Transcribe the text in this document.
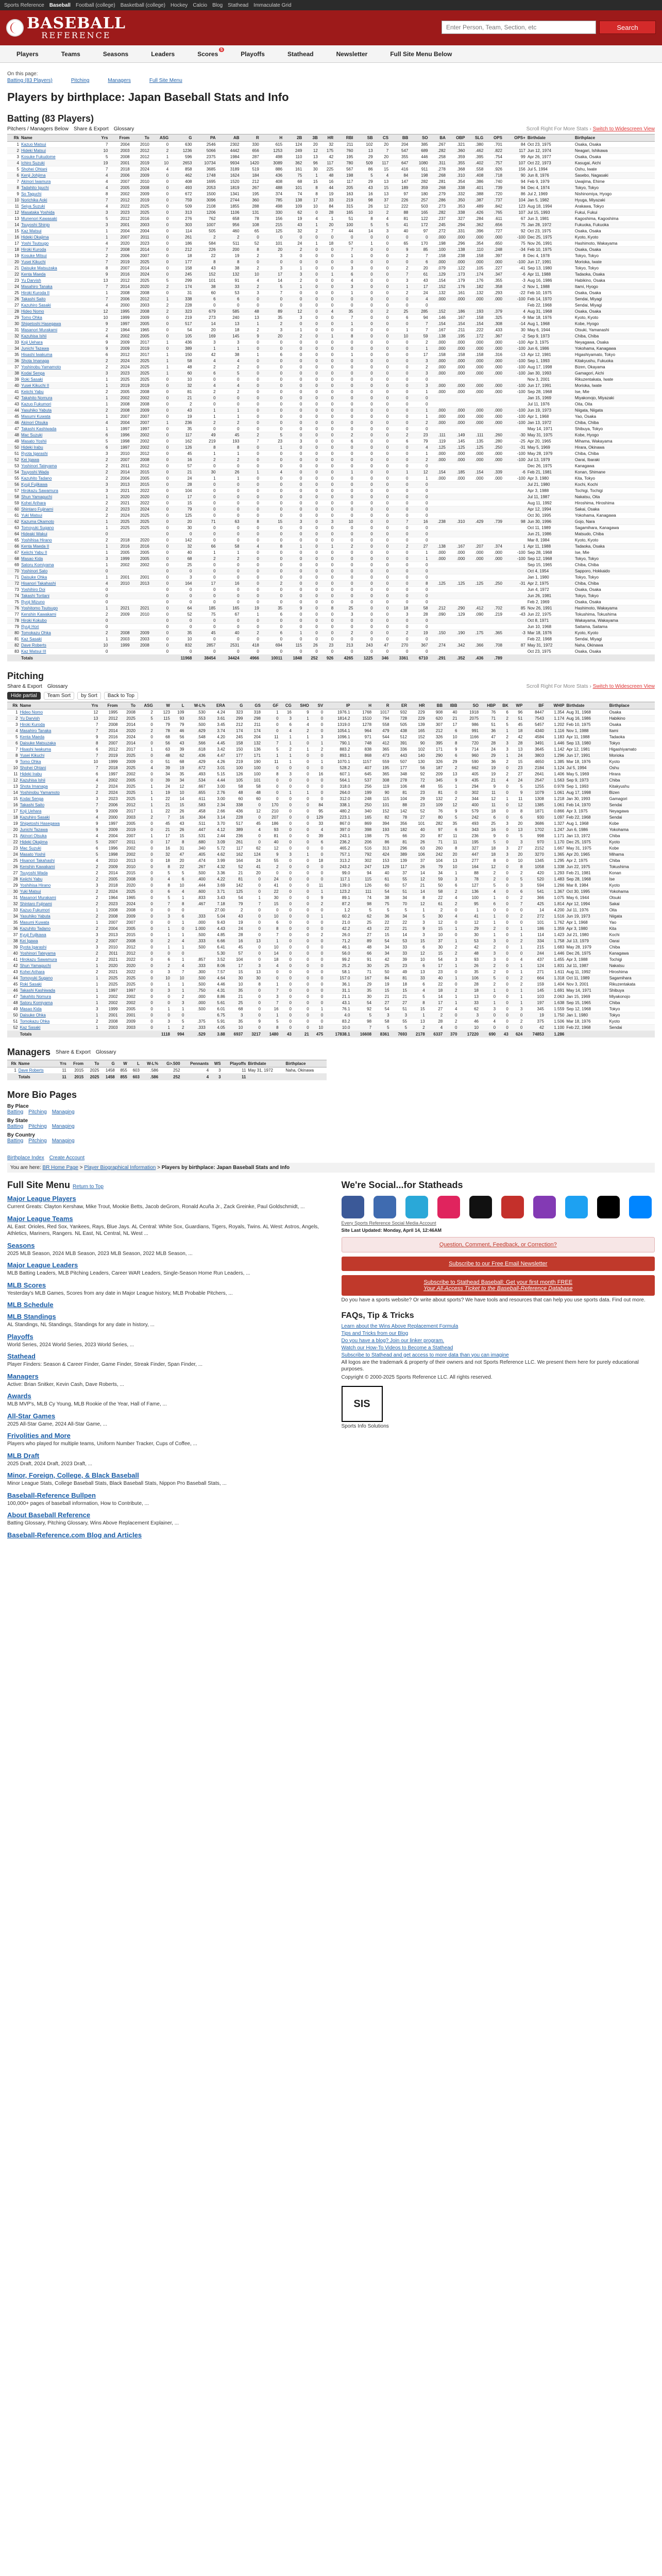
Sports Reference Baseball Football (college) Basketball (college) Hockey Calcio Blog Stathead Immaculate Grid
BASEBALL
REFERENCE
Enter Person, Team, Section, etc
Search
Players	Teams	Seasons	Leaders	Scores
5
Playoffs	Stathead	Newsletter	Full Site Menu Below
On this page:
Batting (83 Players)	Pitching	Managers	Full Site Menu
Players by birthplace: Japan Baseball Stats and Info
Batting (83 Players)
Pitchers / Managers Below Share & Export Glossary	Scroll Right For More Stats › Switch to Widescreen View
Rk	Name	Yrs	From	To	ASG	G	PA	AB	R	H	2B	3B	HR	RBI	SB	CS	BB	SO	BA	OBP	SLG	OPS	OPS+	Birthdate	Birthplace
1	Kazuo Matsui	7	2004	2010	0	630	2546	2302	330	615	124	20	32	211	102	20	204	385	.267	.321	.380	.701	84	Oct 23, 1975	Osaka, Osaka
2	Hideki Matsui	10	2003	2012	2	1236	5066	4442	656	1253	249	12	175	760	13	7	547	689	.282	.360	.462	.822	117	Jun 12, 1974	Neagari, Ishikawa
3	Kosuke Fukudome	5	2008	2012	1	596	2375	1984	287	498	110	13	42	195	29	20	355	446	.258	.359	.395	.754	99	Apr 26, 1977	Osaka, Osaka
4	Ichiro Suzuki	19	2001	2019	10	2653	10734	9934	1420	3089	362	96	117	780	509	117	647	1080	.311	.355	.402	.757	107	Oct 22, 1973	Kasugai, Aichi
5	Shohei Ohtani	7	2018	2024	4	858	3685	3189	519	886	161	30	225	567	86	15	416	911	.278	.368	.558	.926	156	Jul 5, 1994	Oshu, Iwate
6	Kenji Johjima	4	2006	2009	0	462	1748	1624	184	436	75	1	48	198	5	4	84	198	.268	.310	.408	.718	90	Jun 8, 1976	Sasebo, Nagasaki
7	Akinori Iwamura	4	2007	2010	0	408	1695	1520	212	408	68	15	16	117	29	13	147	282	.281	.354	.386	.740	94	Feb 9, 1979	Uwajima, Ehime
8	Tadahito Iguchi	4	2005	2008	0	493	2053	1819	267	488	101	8	44	205	43	15	189	359	.268	.338	.401	.739	94	Dec 4, 1974	Tokyo, Tokyo
9	So Taguchi	8	2002	2009	0	672	1500	1341	195	374	74	8	19	163	16	13	97	180	.279	.332	.388	.720	86	Jul 2, 1969	Nishinomiya, Hyogo
10	Norichika Aoki	7	2012	2019	0	759	3096	2744	360	785	138	17	33	219	98	37	226	257	.286	.350	.387	.737	104	Jan 5, 1982	Hyuga, Miyazaki
11	Seiya Suzuki	4	2022	2025	0	509	2108	1855	288	498	109	10	84	315	26	12	222	503	.273	.353	.489	.842	123	Aug 18, 1994	Arakawa, Tokyo
12	Masataka Yoshida	3	2023	2025	0	313	1206	1106	131	330	62	0	28	165	10	2	88	165	.282	.338	.426	.765	107	Jul 15, 1993	Fukui, Fukui
13	Munenori Kawasaki	5	2012	2016	0	276	762	658	78	156	19	4	1	51	8	4	81	122	.237	.327	.284	.611	67	Jun 3, 1981	Kagoshima, Kagoshima
14	Tsuyoshi Shinjo	3	2001	2003	0	303	1007	956	108	215	43	1	20	100	5	5	41	172	.245	.294	.362	.656	75	Jan 28, 1972	Fukuoka, Fukuoka
15	Kaz Matsui	1	2004	2004	0	114	505	460	65	125	32	2	7	44	14	3	40	97	.272	.331	.396	.727	92	Oct 23, 1975	Osaka, Osaka
16	Hideki Okajima	1	2007	2011	0	261	2	2	0	0	0	0	0	0	0	0	0	0	.000	.000	.000	.000	-100	Dec 25, 1975	Kyoto, Kyoto
17	Yoshi Tsutsugo	4	2020	2023	0	186	584	511	52	101	24	1	18	57	1	0	65	170	.198	.296	.354	.650	75	Nov 26, 1991	Hashimoto, Wakayama
18	Hiroki Kuroda	7	2008	2014	0	212	226	200	8	20	2	0	0	7	0	0	9	85	.100	.138	.110	.248	-34	Feb 10, 1975	Osaka, Osaka
19	Kosuke Mitsui	2	2006	2007	0	18	22	19	2	3	0	0	0	1	0	0	2	7	.158	.238	.158	.397	8	Dec 4, 1978	Tokyo, Tokyo
20	Yusei Kikuchi	7	2019	2025	0	177	8	8	0	0	0	0	0	0	0	0	0	6	.000	.000	.000	.000	-100	Jun 17, 1991	Morioka, Iwate
21	Daisuke Matsuzaka	8	2007	2014	0	158	43	38	2	3	1	0	0	3	0	0	2	20	.079	.122	.105	.227	-41	Sep 13, 1980	Tokyo, Tokyo
22	Kenta Maeda	9	2016	2024	0	245	152	132	10	17	3	0	1	6	0	0	7	61	.129	.173	.174	.347	-6	Apr 11, 1988	Tadaoka, Osaka
23	Yu Darvish	13	2012	2025	5	299	101	91	4	14	2	0	0	4	0	0	3	43	.154	.179	.176	.355	-3	Aug 16, 1986	Habikino, Osaka
24	Masahiro Tanaka	7	2014	2020	2	174	38	33	2	5	1	0	0	3	0	0	1	17	.152	.176	.182	.358	-2	Nov 1, 1988	Itami, Hyogo
25	Hiroki Kuroda II	1	2008	2008	0	31	60	53	3	7	0	0	0	1	0	0	2	24	.132	.161	.132	.293	-22	Feb 10, 1975	Osaka, Osaka
26	Takashi Saito	7	2006	2012	1	338	6	6	0	0	0	0	0	0	0	0	0	4	.000	.000	.000	.000	-100	Feb 14, 1970	Sendai, Miyagi
27	Kazuhiro Sasaki	4	2000	2003	2	228	0	0	0	0	0	0	0	0	0	0	0	0						Feb 22, 1968	Sendai, Miyagi
28	Hideo Nomo	12	1995	2008	2	323	679	585	48	89	12	0	4	35	0	2	25	285	.152	.186	.193	.379	4	Aug 31, 1968	Osaka, Osaka
29	Tomo Ohka	10	1999	2009	0	219	273	240	13	35	3	0	0	7	0	0	6	94	.146	.167	.158	.325	-9	Mar 18, 1976	Kyoto, Kyoto
30	Shigetoshi Hasegawa	9	1997	2005	0	517	14	13	1	2	0	0	0	1	0	0	0	7	.154	.154	.154	.308	-14	Aug 1, 1968	Kobe, Hyogo
31	Masanori Murakami	2	1964	1965	0	54	20	18	2	3	1	0	0	0	0	0	1	7	.167	.211	.222	.433	30	May 6, 1944	Otsuki, Yamanashi
32	Kazuhisa Ishii	4	2002	2005	0	105	169	145	9	20	2	0	1	8	0	0	10	59	.138	.195	.172	.367	-2	Sep 9, 1973	Chiba, Chiba
33	Koji Uehara	9	2009	2017	1	436	3	3	0	0	0	0	0	0	0	0	0	2	.000	.000	.000	.000	-100	Apr 3, 1975	Neyagawa, Osaka
34	Junichi Tazawa	9	2009	2019	0	389	1	1	0	0	0	0	0	0	0	0	0	1	.000	.000	.000	.000	-100	Jun 6, 1986	Yokohama, Kanagawa
35	Hisashi Iwakuma	6	2012	2017	1	150	42	38	1	6	0	0	0	1	0	0	0	17	.158	.158	.158	.316	-13	Apr 12, 1981	Higashiyamato, Tokyo
36	Shota Imanaga	2	2024	2025	1	58	4	4	0	0	0	0	0	0	0	0	0	3	.000	.000	.000	.000	-100	Sep 1, 1993	Kitakyushu, Fukuoka
37	Yoshinobu Yamamoto	2	2024	2025	1	48	2	2	0	0	0	0	0	0	0	0	0	2	.000	.000	.000	.000	-100	Aug 17, 1998	Bizen, Okayama
38	Kodai Senga	3	2023	2025	1	60	6	5	0	0	0	0	0	0	0	0	0	3	.000	.000	.000	.000	-100	Jan 30, 1993	Gamagori, Aichi
39	Roki Sasaki	1	2025	2025	0	10	0	0	0	0	0	0	0	0	0	0	0	0						Nov 3, 2001	Rikuzentakata, Iwate
40	Yusei Kikuchi II	1	2019	2019	0	32	4	4	0	0	0	0	0	0	0	0	0	3	.000	.000	.000	.000	-100	Jun 17, 1991	Morioka, Iwate
41	Keiichi Yabu	2	2005	2008	0	81	2	2	0	0	0	0	0	0	0	0	0	1	.000	.000	.000	.000	-100	Sep 28, 1968	Ise, Mie
42	Takahito Nomura	1	2002	2002	0	21	0	0	0	0	0	0	0	0	0	0	0	0						Jan 15, 1969	Miyakonojo, Miyazaki
43	Kazuo Fukumori	1	2008	2008	0	2	0	0	0	0	0	0	0	0	0	0	0	0						Jul 11, 1976	Oita, Oita
44	Yasuhiko Yabuta	2	2008	2009	0	43	1	1	0	0	0	0	0	0	0	0	0	1	.000	.000	.000	.000	-100	Jun 19, 1973	Niigata, Niigata
45	Masumi Kuwata	1	2007	2007	0	19	1	1	0	0	0	0	0	0	0	0	0	1	.000	.000	.000	.000	-100	Apr 1, 1968	Yao, Osaka
46	Akinori Otsuka	4	2004	2007	1	236	2	2	0	0	0	0	0	0	0	0	0	2	.000	.000	.000	.000	-100	Jan 13, 1972	Chiba, Chiba
47	Takashi Kashiwada	1	1997	1997	0	35	0	0	0	0	0	0	0	0	0	0	0	0						May 14, 1971	Shibuya, Tokyo
48	Mac Suzuki	6	1996	2002	0	117	49	45	2	5	0	0	0	2	0	0	2	23	.111	.149	.111	.260	-30	May 31, 1975	Kobe, Hyogo
49	Masato Yoshii	5	1998	2002	0	162	219	193	7	23	3	0	0	6	0	0	6	79	.119	.145	.135	.280	-25	Apr 20, 1965	Mihama, Wakayama
50	Hideki Irabu	6	1997	2002	0	126	8	8	0	1	0	0	0	0	0	0	0	4	.125	.125	.125	.250	-31	May 5, 1969	Hirara, Okinawa
51	Ryota Igarashi	3	2010	2012	0	45	1	1	0	0	0	0	0	0	0	0	0	1	.000	.000	.000	.000	-100	May 28, 1979	Chiba, Chiba
52	Kei Igawa	2	2007	2008	0	16	2	2	0	0	0	0	0	0	0	0	0	2	.000	.000	.000	.000	-100	Jul 13, 1979	Oarai, Ibaraki
53	Yoshinori Tateyama	2	2011	2012	0	57	0	0	0	0	0	0	0	0	0	0	0	0						Dec 26, 1975	Kanagawa
54	Tsuyoshi Wada	2	2014	2015	0	21	30	26	1	4	0	0	0	1	0	0	1	12	.154	.185	.154	.339	-6	Feb 21, 1981	Konan, Shimane
55	Kazuhito Tadano	2	2004	2005	0	24	1	1	0	0	0	0	0	0	0	0	0	1	.000	.000	.000	.000	-100	Apr 3, 1980	Kita, Tokyo
56	Kyuji Fujikawa	3	2013	2015	0	28	0	0	0	0	0	0	0	0	0	0	0	0						Jul 21, 1980	Kochi, Kochi
57	Hirokazu Sawamura	3	2021	2022	0	104	0	0	0	0	0	0	0	0	0	0	0	0						Apr 3, 1988	Tochigi, Tochigi
58	Shun Yamaguchi	1	2020	2020	0	17	0	0	0	0	0	0	0	0	0	0	0	0						Jul 11, 1987	Nakatsu, Oita
59	Kohei Arihara	2	2021	2022	0	15	0	0	0	0	0	0	0	0	0	0	0	0						Aug 11, 1992	Hiroshima, Hiroshima
60	Shintaro Fujinami	2	2023	2024	0	79	0	0	0	0	0	0	0	0	0	0	0	0						Apr 12, 1994	Sakai, Osaka
61	Yuki Matsui	2	2024	2025	0	125	0	0	0	0	0	0	0	0	0	0	0	0						Oct 30, 1995	Yokohama, Kanagawa
62	Kazuma Okamoto	1	2025	2025	0	20	71	63	8	15	3	0	3	10	0	0	7	16	.238	.310	.429	.739	98	Jun 30, 1996	Gojo, Nara
63	Tomoyuki Sugano	1	2025	2025	0	30	0	0	0	0	0	0	0	0	0	0	0	0						Oct 11, 1989	Sagamihara, Kanagawa
64	Hideaki Wakui	0			0	0	0	0	0	0	0	0	0	0	0	0	0	0						Jun 21, 1986	Matsudo, Chiba
65	Yoshihisa Hirano	2	2018	2020	0	142	0	0	0	0	0	0	0	0	0	0	0	0						Mar 8, 1984	Kyoto, Kyoto
66	Kenta Maeda II	1	2016	2016	0	32	66	58	4	8	1	0	1	2	0	0	2	27	.138	.167	.207	.374	1	Apr 11, 1988	Tadaoka, Osaka
67	Keiichi Yabu II	1	2005	2005	0	40	1	1	0	0	0	0	0	0	0	0	0	1	.000	.000	.000	.000	-100	Sep 28, 1968	Ise, Mie
68	Masao Kida	3	1999	2005	0	68	2	2	0	0	0	0	0	0	0	0	0	1	.000	.000	.000	.000	-100	Sep 12, 1968	Tokyo, Tokyo
69	Satoru Komiyama	1	2002	2002	0	25	0	0	0	0	0	0	0	0	0	0	0	0						Sep 15, 1965	Chiba, Chiba
70	Yoshinori Sato	0			0	0	0	0	0	0	0	0	0	0	0	0	0	0						Oct 4, 1954	Sapporo, Hokkaido
71	Daisuke Ohka	1	2001	2001	0	3	0	0	0	0	0	0	0	0	0	0	0	0						Jan 1, 1980	Tokyo, Tokyo
72	Hisanori Takahashi	4	2010	2013	0	164	17	16	0	2	0	0	0	0	0	0	0	8	.125	.125	.125	.250	-31	Apr 2, 1975	Chiba, Chiba
73	Yoshihiro Doi	0			0	0	0	0	0	0	0	0	0	0	0	0	0	0						Jun 4, 1972	Osaka, Osaka
74	Takashi Toritani	0			0	0	0	0	0	0	0	0	0	0	0	0	0	0						Jun 26, 1981	Tokyo, Tokyo
75	Ryoji Mizuno	0			0	0	0	0	0	0	0	0	0	0	0	0	0	0						Feb 2, 1969	Osaka, Osaka
76	Yoshitomo Tsutsugo	1	2021	2021	0	64	185	165	19	35	9	0	8	25	0	0	18	58	.212	.290	.412	.702	85	Nov 26, 1991	Hashimoto, Wakayama
77	Kenshin Kawakami	2	2009	2010	0	52	75	67	1	6	0	0	0	3	0	0	3	28	.090	.129	.090	.219	-43	Jun 22, 1975	Tokushima, Tokushima
78	Hiroki Kokubo	0			0	0	0	0	0	0	0	0	0	0	0	0	0	0						Oct 8, 1971	Wakayama, Wakayama
79	Ryuji Hori	0			0	0	0	0	0	0	0	0	0	0	0	0	0	0						Jun 10, 1968	Saitama, Saitama
80	Tomokazu Ohka	2	2008	2009	0	35	45	40	2	6	1	0	0	2	0	0	2	19	.150	.190	.175	.365	-3	Mar 18, 1976	Kyoto, Kyoto
81	Kaz Sasaki	1	2003	2003	0	10	0	0	0	0	0	0	0	0	0	0	0	0						Feb 22, 1968	Sendai, Miyagi
82	Dave Roberts	10	1999	2008	0	832	2857	2531	418	694	115	26	23	213	243	47	270	367	.274	.342	.366	.708	87	May 31, 1972	Naha, Okinawa
83	Kaz Matsui III	0			0	0	0	0	0	0	0	0	0	0	0	0	0	0						Oct 23, 1975	Osaka, Osaka
	Totals					11968	38454	34424	4966	10011	1848	252	926	4265	1225	346	3361	6710	.291	.352	.436	.789			
Pitching
Share & Export Glossary	Scroll Right For More Stats › Switch to Widescreen View
Hide partial Team Sort by Sort Back to Top
Rk	Name	Yrs	From	To	ASG	W	L	W-L%	ERA	G	GS	GF	CG	SHO	SV	IP	H	R	ER	HR	BB	IBB	SO	HBP	BK	WP	BF	WHIP	Birthdate	Birthplace
1	Hideo Nomo	12	1995	2008	2	123	109	.530	4.24	323	318	1	16	9	0	1976.1	1768	1017	932	229	908	40	1918	76	6	96	8447	1.354	Aug 31, 1968	Osaka
2	Yu Darvish	13	2012	2025	5	115	93	.553	3.61	299	298	0	3	1	0	1814.2	1510	794	728	229	620	21	2075	71	2	51	7543	1.174	Aug 16, 1986	Habikino
3	Hiroki Kuroda	7	2008	2014	0	79	79	.500	3.45	212	211	0	6	4	0	1319.0	1278	558	505	139	307	17	986	51	5	45	5457	1.202	Feb 10, 1975	Osaka
4	Masahiro Tanaka	7	2014	2020	2	78	46	.629	3.74	174	174	0	4	2	0	1054.1	964	479	438	165	212	6	991	36	1	18	4340	1.116	Nov 1, 1988	Itami
5	Kenta Maeda	9	2016	2024	0	68	56	.548	4.20	245	204	11	1	1	3	1096.1	971	544	512	152	326	10	1166	47	2	42	4584	1.183	Apr 11, 1988	Tadaoka
6	Daisuke Matsuzaka	8	2007	2014	0	56	43	.566	4.45	158	132	7	1	0	1	790.1	748	412	391	90	395	8	720	28	3	28	3491	1.446	Sep 13, 1980	Tokyo
7	Hisashi Iwakuma	6	2012	2017	1	63	39	.618	3.42	150	136	5	2	1	2	883.2	838	365	336	102	171	9	714	24	3	13	3645	1.142	Apr 12, 1981	Higashiyamato
8	Yusei Kikuchi	7	2019	2025	0	48	62	.436	4.47	177	171	1	1	0	0	893.1	868	473	443	140	290	6	960	29	1	24	3803	1.296	Jun 17, 1991	Morioka
9	Tomo Ohka	10	1999	2009	0	51	68	.429	4.26	219	190	11	1	0	1	1070.1	1157	559	507	130	326	29	590	36	2	15	4650	1.385	Mar 18, 1976	Kyoto
10	Shohei Ohtani	7	2018	2025	4	39	19	.672	3.01	100	100	0	0	0	0	528.2	407	195	177	56	187	2	662	19	0	23	2184	1.124	Jul 5, 1994	Oshu
11	Hideki Irabu	6	1997	2002	0	34	35	.493	5.15	126	100	8	3	0	16	607.1	645	365	348	92	209	13	405	19	2	27	2641	1.406	May 5, 1969	Hirara
12	Kazuhisa Ishii	4	2002	2005	0	39	34	.534	4.44	105	101	0	0	0	0	564.1	537	308	278	72	345	9	435	21	4	24	2547	1.563	Sep 9, 1973	Chiba
13	Shota Imanaga	2	2024	2025	1	24	12	.667	3.00	58	58	0	0	0	0	318.0	256	119	106	48	55	1	294	9	0	5	1255	0.978	Sep 1, 1993	Kitakyushu
14	Yoshinobu Yamamoto	2	2024	2025	1	19	10	.655	2.76	48	48	0	1	1	0	264.0	199	90	81	23	81	0	302	11	0	9	1079	1.061	Aug 17, 1998	Bizen
15	Kodai Senga	3	2023	2025	1	22	14	.611	3.00	60	60	0	0	0	0	312.0	248	115	104	29	132	2	344	12	1	11	1308	1.218	Jan 30, 1993	Gamagori
16	Takashi Saito	7	2006	2012	1	21	15	.583	2.34	338	0	170	0	0	84	338.1	250	101	88	23	109	12	400	11	0	12	1385	1.061	Feb 14, 1970	Sendai
17	Koji Uehara	9	2009	2017	1	22	26	.458	2.66	436	12	210	0	0	95	480.2	340	152	142	52	76	9	579	18	0	8	1871	0.866	Apr 3, 1975	Neyagawa
18	Kazuhiro Sasaki	4	2000	2003	2	7	16	.304	3.14	228	0	207	0	0	129	223.1	165	82	78	27	80	5	242	6	0	6	930	1.097	Feb 22, 1968	Sendai
19	Shigetoshi Hasegawa	9	1997	2005	0	45	43	.511	3.70	517	45	186	0	0	33	867.0	869	394	356	101	282	35	493	25	3	20	3686	1.327	Aug 1, 1968	Kobe
20	Junichi Tazawa	9	2009	2019	0	21	26	.447	4.12	389	4	93	0	0	4	397.0	398	193	182	40	97	6	343	16	0	13	1702	1.247	Jun 6, 1986	Yokohama
21	Akinori Otsuka	4	2004	2007	1	17	15	.531	2.44	236	0	81	0	0	39	243.1	198	75	66	20	87	11	236	9	0	5	998	1.171	Jan 13, 1972	Chiba
22	Hideki Okajima	5	2007	2011	0	17	8	.680	3.09	261	0	40	0	0	6	236.2	206	86	81	26	71	11	195	5	0	3	970	1.170	Dec 25, 1975	Kyoto
23	Mac Suzuki	6	1996	2002	0	16	31	.340	5.72	117	62	12	0	0	0	465.2	516	313	296	63	260	8	327	18	3	27	2152	1.667	May 31, 1975	Kobe
24	Masato Yoshii	5	1998	2002	0	32	47	.405	4.62	162	124	9	3	1	0	757.1	792	424	389	106	242	20	447	18	3	20	3270	1.365	Apr 20, 1965	Mihama
25	Hisanori Takahashi	4	2010	2013	0	18	20	.474	3.99	164	24	55	0	0	18	313.2	302	153	139	37	104	13	277	8	0	10	1345	1.295	Apr 2, 1975	Chiba
26	Kenshin Kawakami	2	2009	2010	0	8	22	.267	4.32	52	41	2	0	0	0	243.2	247	129	117	26	79	10	164	12	0	8	1058	1.338	Jun 22, 1975	Tokushima
27	Tsuyoshi Wada	2	2014	2015	0	5	5	.500	3.36	21	20	0	0	0	0	99.0	94	40	37	14	34	1	88	2	0	2	420	1.293	Feb 21, 1981	Konan
28	Keiichi Yabu	2	2005	2008	0	4	6	.400	4.22	81	0	24	0	0	0	117.1	115	61	55	12	59	3	78	2	0	5	520	1.483	Sep 28, 1968	Ise
29	Yoshihisa Hirano	3	2018	2020	0	8	10	.444	3.69	142	0	41	0	0	11	139.0	126	60	57	21	50	6	127	5	0	3	594	1.266	Mar 8, 1984	Kyoto
30	Yuki Matsui	2	2024	2025	0	6	4	.600	3.71	125	0	22	0	0	1	123.2	111	54	51	14	58	2	136	4	0	6	541	1.367	Oct 30, 1995	Yokohama
31	Masanori Murakami	2	1964	1965	0	5	1	.833	3.43	54	1	30	0	0	9	89.1	74	38	34	8	22	4	100	1	0	2	366	1.075	May 6, 1944	Otsuki
32	Shintaro Fujinami	2	2023	2024	0	7	8	.467	7.18	79	7	15	0	0	2	87.2	98	75	70	12	61	2	95	6	0	7	425	1.814	Apr 12, 1994	Sakai
33	Kazuo Fukumori	1	2008	2008	0	0	0		27.00	2	0	0	0	0	0	1.2	5	5	5	1	2	0	1	0	0	0	14	4.200	Jul 11, 1976	Oita
34	Yasuhiko Yabuta	2	2008	2009	0	3	6	.333	5.04	43	0	10	0	0	1	60.2	62	36	34	5	30	4	41	1	0	2	272	1.516	Jun 19, 1973	Niigata
35	Masumi Kuwata	1	2007	2007	0	0	1	.000	9.43	19	0	6	0	0	0	21.0	25	22	22	3	12	0	12	1	0	0	101	1.762	Apr 1, 1968	Yao
36	Kazuhito Tadano	2	2004	2005	0	1	0	1.000	4.43	24	0	8	0	0	0	42.2	43	22	21	9	15	1	29	2	0	1	186	1.359	Apr 3, 1980	Kita
37	Kyuji Fujikawa	3	2013	2015	0	1	1	.500	4.85	28	0	7	0	0	2	26.0	27	15	14	3	10	0	30	1	0	1	114	1.423	Jul 21, 1980	Kochi
38	Kei Igawa	2	2007	2008	0	2	4	.333	6.66	16	13	1	0	0	0	71.2	89	54	53	15	37	1	53	3	0	2	334	1.758	Jul 13, 1979	Oarai
39	Ryota Igarashi	3	2010	2012	0	1	1	.500	6.41	45	0	10	0	0	0	46.1	48	34	33	6	30	2	42	2	0	1	215	1.683	May 28, 1979	Chiba
40	Yoshinori Tateyama	2	2011	2012	0	0	0		5.30	57	0	14	0	0	0	56.0	66	34	33	12	15	2	48	3	0	0	244	1.446	Dec 26, 1975	Kanagawa
41	Hirokazu Sawamura	2	2021	2022	0	6	1	.857	3.52	104	0	18	0	0	0	99.2	91	42	39	10	54	3	93	3	0	4	437	1.455	Apr 3, 1988	Tochigi
42	Shun Yamaguchi	1	2020	2020	0	2	4	.333	8.06	17	3	4	0	0	0	25.2	30	25	23	6	17	1	26	2	0	1	124	1.831	Jul 11, 1987	Nakatsu
43	Kohei Arihara	2	2021	2022	0	3	7	.300	7.57	15	13	0	0	0	0	58.1	71	50	49	13	23	0	35	2	0	1	271	1.611	Aug 11, 1992	Hiroshima
44	Tomoyuki Sugano	1	2025	2025	0	10	10	.500	4.64	30	30	0	0	0	0	157.0	167	84	81	33	40	1	106	5	0	2	664	1.318	Oct 11, 1989	Sagamihara
45	Roki Sasaki	1	2025	2025	0	1	1	.500	4.46	10	8	1	0	0	0	36.1	29	19	18	6	22	0	28	2	0	2	159	1.404	Nov 3, 2001	Rikuzentakata
46	Takashi Kashiwada	1	1997	1997	0	3	1	.750	4.31	35	0	7	0	0	0	31.1	35	15	15	4	18	2	18	1	0	1	145	1.691	May 14, 1971	Shibuya
47	Takahito Nomura	1	2002	2002	0	0	2	.000	8.86	21	0	3	0	0	0	21.1	30	21	21	5	14	1	13	0	0	1	103	2.063	Jan 15, 1969	Miyakonojo
48	Satoru Komiyama	1	2002	2002	0	0	3	.000	5.61	25	0	7	0	0	0	43.1	54	27	27	8	17	1	33	1	0	1	197	1.638	Sep 15, 1965	Chiba
49	Masao Kida	3	1999	2005	0	1	1	.500	6.01	68	0	16	0	0	1	76.1	92	54	51	15	27	4	62	3	0	3	345	1.559	Sep 12, 1968	Tokyo
50	Daisuke Ohka	1	2001	2001	0	0	0		6.75	3	0	1	0	0	0	4.0	5	3	3	1	2	0	3	0	0	0	19	1.750	Jan 1, 1980	Tokyo
51	Tomokazu Ohka	2	2008	2009	0	3	5	.375	5.91	35	9	5	0	0	0	83.2	98	58	55	13	28	2	46	4	0	2	375	1.506	Mar 18, 1976	Kyoto
52	Kaz Sasaki	1	2003	2003	0	1	2	.333	4.05	10	0	8	0	0	10	10.0	7	5	5	2	4	0	10	0	0	0	42	1.100	Feb 22, 1968	Sendai
	Totals					1118	994	.529	3.88	6937	3217	1480	43	21	475	17838.1	16608	8361	7693	2178	6337	370	17220	690	43	624	74853	1.286		
Managers Share & Export Glossary
Rk	Name	Yrs	From	To	G	W	L	W-L%	G>.500	Pennants	WS	Playoffs	Birthdate	Birthplace
1	Dave Roberts	11	2015	2025	1458	855	603	.586	252	4	3	11	May 31, 1972	Naha, Okinawa
	Totals	11	2015	2025	1458	855	603	.586	252	4	3	11		
More Bio Pages
By Place
Batting Pitching Managing
By State
Batting Pitching Managing
By Country
Batting Pitching Managing
Birthplace Index Create Account
You are here: BR Home Page > Player Biographical Information > Players by birthplace: Japan Baseball Stats and Info
Full Site Menu Return to Top
Major League Players

Current Greats: Clayton Kershaw, Mike Trout, Mookie Betts, Jacob deGrom, Ronald Acuña Jr., Zack Greinke, Paul Goldschmidt, ...

Major League Teams

AL East: Orioles, Red Sox, Yankees, Rays, Blue Jays. AL Central: White Sox, Guardians, Tigers, Royals, Twins. AL West: Astros, Angels, Athletics, Mariners, Rangers. NL East, NL Central, NL West ...

Seasons

2025 MLB Season, 2024 MLB Season, 2023 MLB Season, 2022 MLB Season, ...

Major League Leaders

MLB Batting Leaders, MLB Pitching Leaders, Career WAR Leaders, Single-Season Home Run Leaders, ...

MLB Scores

Yesterday's MLB Games, Scores from any date in Major League history, MLB Probable Pitchers, ...

MLB Schedule
MLB Standings

AL Standings, NL Standings, Standings for any date in history, ...

Playoffs

World Series, 2024 World Series, 2023 World Series, ...

Stathead

Player Finders: Season & Career Finder, Game Finder, Streak Finder, Span Finder, ...

Managers

Active: Brian Snitker, Kevin Cash, Dave Roberts, ...

Awards

MLB MVP's, MLB Cy Young, MLB Rookie of the Year, Hall of Fame, ...

All-Star Games

2025 All-Star Game, 2024 All-Star Game, ...

Frivolities and More

Players who played for multiple teams, Uniform Number Tracker, Cups of Coffee, ...

MLB Draft

2025 Draft, 2024 Draft, 2023 Draft, ...

Minor, Foreign, College, & Black Baseball

Minor League Stats, College Baseball Stats, Black Baseball Stats, Nippon Pro Baseball Stats, ...

Baseball-Reference Bullpen

100,000+ pages of baseball information, How to Contribute, ...

About Baseball Reference

Batting Glossary, Pitching Glossary, Wins Above Replacement Explainer, ...

Baseball-Reference.com Blog and Articles
We're Social...for Statheads
Every Sports Reference Social Media Account
Site Last Updated: Monday, April 14, 12:46AM
Question, Comment, Feedback, or Correction?
Subscribe to our Free Email Newsletter
Subscribe to Stathead Baseball: Get your first month FREE
Your All-Access Ticket to the Baseball-Reference Database

Do you have a sports website? Or write about sports? We have tools and resources that can help you use sports data. Find out more.

FAQs, Tip & Tricks
Learn about the Wins Above Replacement Formula
Tips and Tricks from our Blog
Do you have a blog? Join our linker program.
Watch our How-To Videos to Become a Stathead
Subscribe to Stathead and get access to more data than you can imagine

All logos are the trademark & property of their owners and not Sports Reference LLC. We present them here for purely educational purposes.

Copyright © 2000-2025 Sports Reference LLC. All rights reserved.

SIS

Sports Info Solutions
